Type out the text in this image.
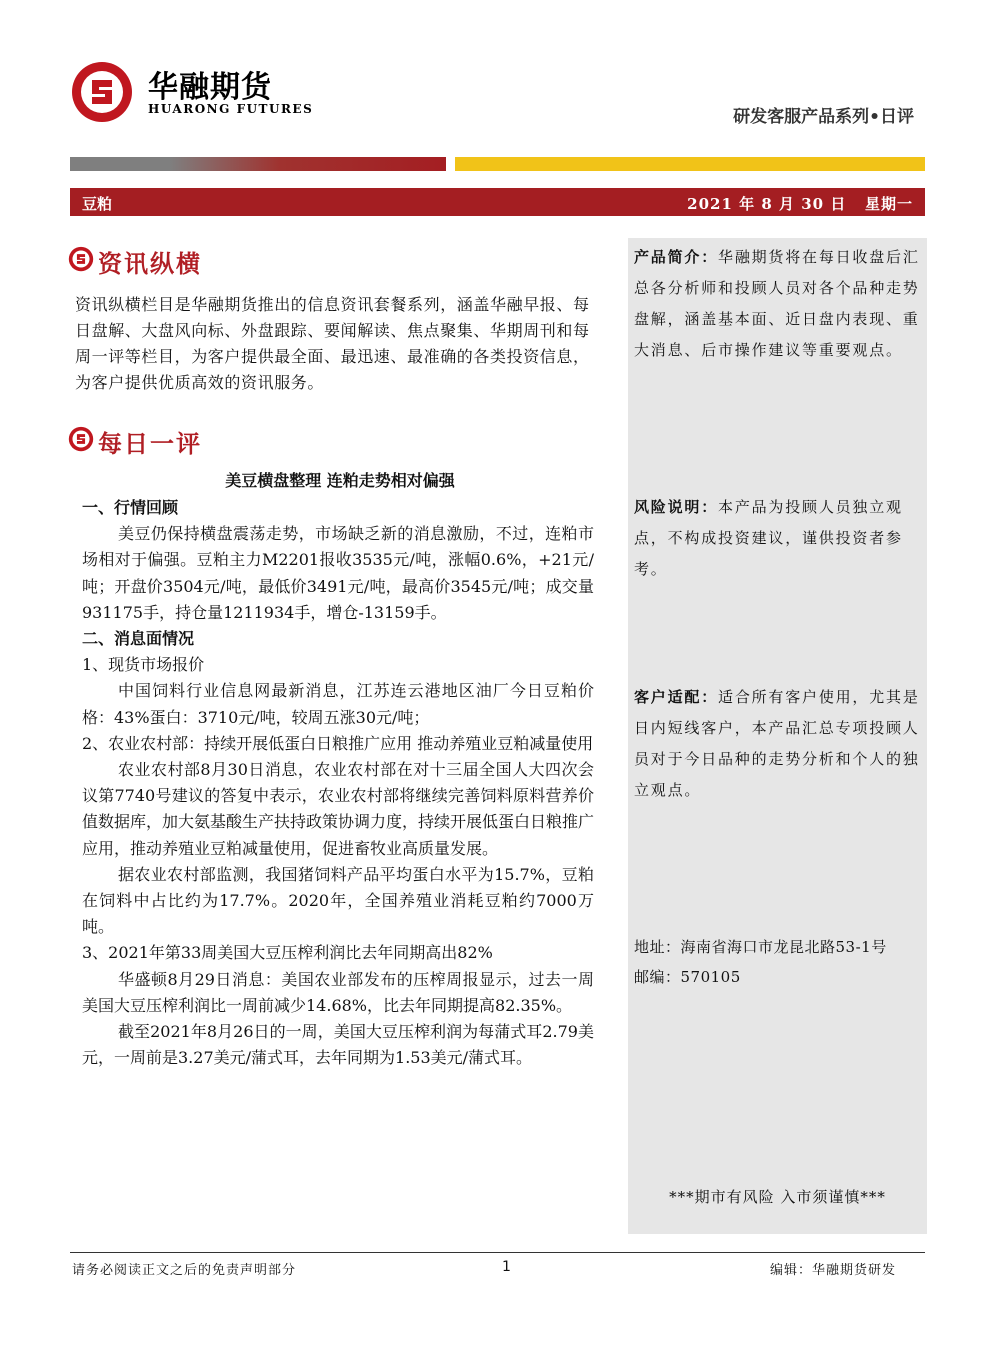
华融期货
HUARONG FUTURES	研发客服产品系列•日评
豆粕	2021 年 8 月 30 日   星期一
产品简介：华融期货将在每日收盘后汇总各分析师和投顾人员对各个品种走势盘解，涵盖基本面、近日盘内表现、重大消息、后市操作建议等重要观点。
风险说明：本产品为投顾人员独立观点，不构成投资建议，谨供投资者参考。
客户适配：适合所有客户使用，尤其是日内短线客户，本产品汇总专项投顾人员对于今日品种的走势分析和个人的独立观点。
地址：海南省海口市龙昆北路53-1号
邮编：570105
***期市有风险 入市须谨慎***
资讯纵横
资讯纵横栏目是华融期货推出的信息资讯套餐系列，涵盖华融早报、每日盘解、大盘风向标、外盘跟踪、要闻解读、焦点聚集、华期周刊和每周一评等栏目，为客户提供最全面、最迅速、最准确的各类投资信息，为客户提供优质高效的资讯服务。
每日一评
美豆横盘整理 连粕走势相对偏强

一、行情回顾

美豆仍保持横盘震荡走势，市场缺乏新的消息激励，不过，连粕市场相对于偏强。豆粕主力M2201报收3535元/吨，涨幅0.6%，+21元/吨；开盘价3504元/吨，最低价3491元/吨，最高价3545元/吨；成交量931175手，持仓量1211934手，增仓-13159手。

二、消息面情况

1、现货市场报价

中国饲料行业信息网最新消息，江苏连云港地区油厂今日豆粕价格：43%蛋白：3710元/吨，较周五涨30元/吨；

2、农业农村部：持续开展低蛋白日粮推广应用 推动养殖业豆粕减量使用

农业农村部8月30日消息，农业农村部在对十三届全国人大四次会议第7740号建议的答复中表示，农业农村部将继续完善饲料原料营养价值数据库，加大氨基酸生产扶持政策协调力度，持续开展低蛋白日粮推广应用，推动养殖业豆粕减量使用，促进畜牧业高质量发展。

据农业农村部监测，我国猪饲料产品平均蛋白水平为15.7%，豆粕在饲料中占比约为17.7%。2020年，全国养殖业消耗豆粕约7000万吨。

3、2021年第33周美国大豆压榨利润比去年同期高出82%

华盛顿8月29日消息：美国农业部发布的压榨周报显示，过去一周美国大豆压榨利润比一周前减少14.68%，比去年同期提高82.35%。

截至2021年8月26日的一周，美国大豆压榨利润为每蒲式耳2.79美元，一周前是3.27美元/蒲式耳，去年同期为1.53美元/蒲式耳。

请务必阅读正文之后的免责声明部分	1	编辑：华融期货研发
